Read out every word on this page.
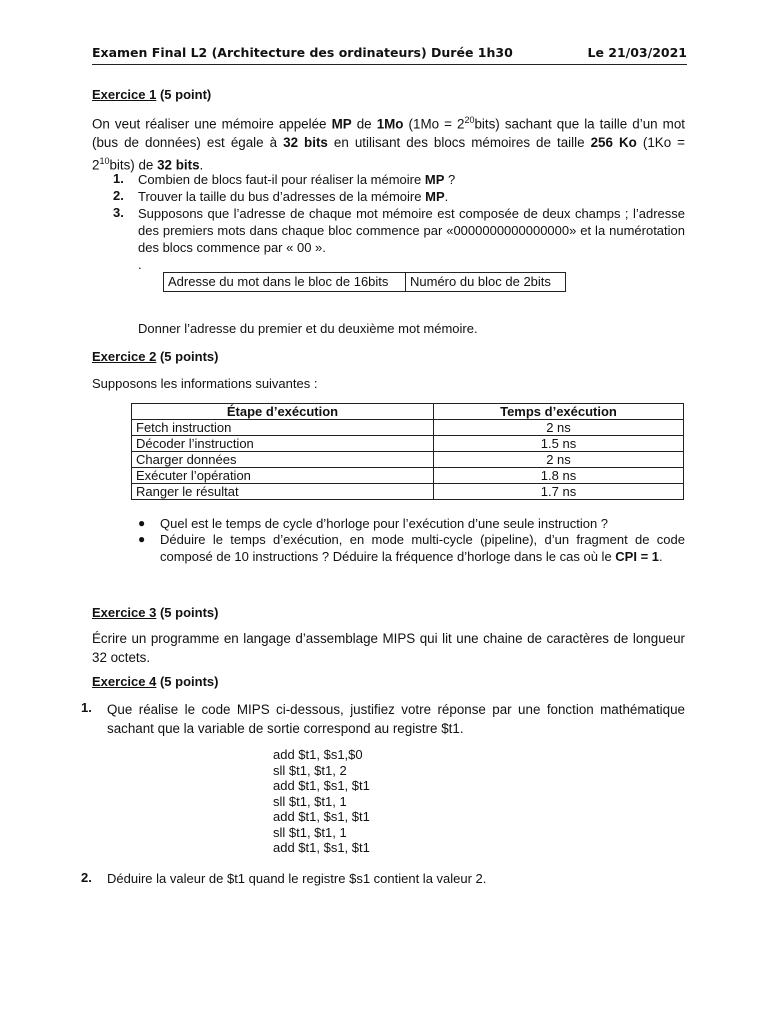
Examen Final L2 (Architecture des ordinateurs) Durée 1h30	Le 21/03/2021
Exercice 1 (5 point)
On veut réaliser une mémoire appelée MP de 1Mo $(1Mo = 2^{20}bits)$ sachant que la taille d’un mot (bus de données) est égale à 32 bits en utilisant des blocs mémoires de taille 256 Ko $(1Ko = 2^{10}bits)$ de 32 bits.
1. Combien de blocs faut-il pour réaliser la mémoire MP ?
2. Trouver la taille du bus d’adresses de la mémoire MP.
3. Supposons que l’adresse de chaque mot mémoire est composée de deux champs ; l’adresse des premiers mots dans chaque bloc commence par «0000000000000000» et la numérotation des blocs commence par « 00 ».
.
Adresse du mot dans le bloc de 16bits	Numéro du bloc de 2bits
Donner l’adresse du premier et du deuxième mot mémoire.
Exercice 2 (5 points)
Supposons les informations suivantes :
Étape d’exécution	Temps d’exécution
Fetch instruction	2 ns
Décoder l’instruction	1.5 ns
Charger données	2 ns
Exécuter l’opération	1.8 ns
Ranger le résultat	1.7 ns
● Quel est le temps de cycle d’horloge pour l’exécution d’une seule instruction ?
● Déduire le temps d’exécution, en mode multi-cycle (pipeline), d’un fragment de code composé de 10 instructions ? Déduire la fréquence d’horloge dans le cas où le CPI = 1.
Exercice 3 (5 points)
Écrire un programme en langage d’assemblage MIPS qui lit une chaine de caractères de longueur 32 octets.
Exercice 4 (5 points)
1. Que réalise le code MIPS ci-dessous, justifiez votre réponse par une fonction mathématique sachant que la variable de sortie correspond au registre $t1.
add $t1, $s1,$0
sll $t1, $t1, 2
add $t1, $s1, $t1
sll $t1, $t1, 1
add $t1, $s1, $t1
sll $t1, $t1, 1
add $t1, $s1, $t1
2. Déduire la valeur de $t1 quand le registre $s1 contient la valeur 2.
